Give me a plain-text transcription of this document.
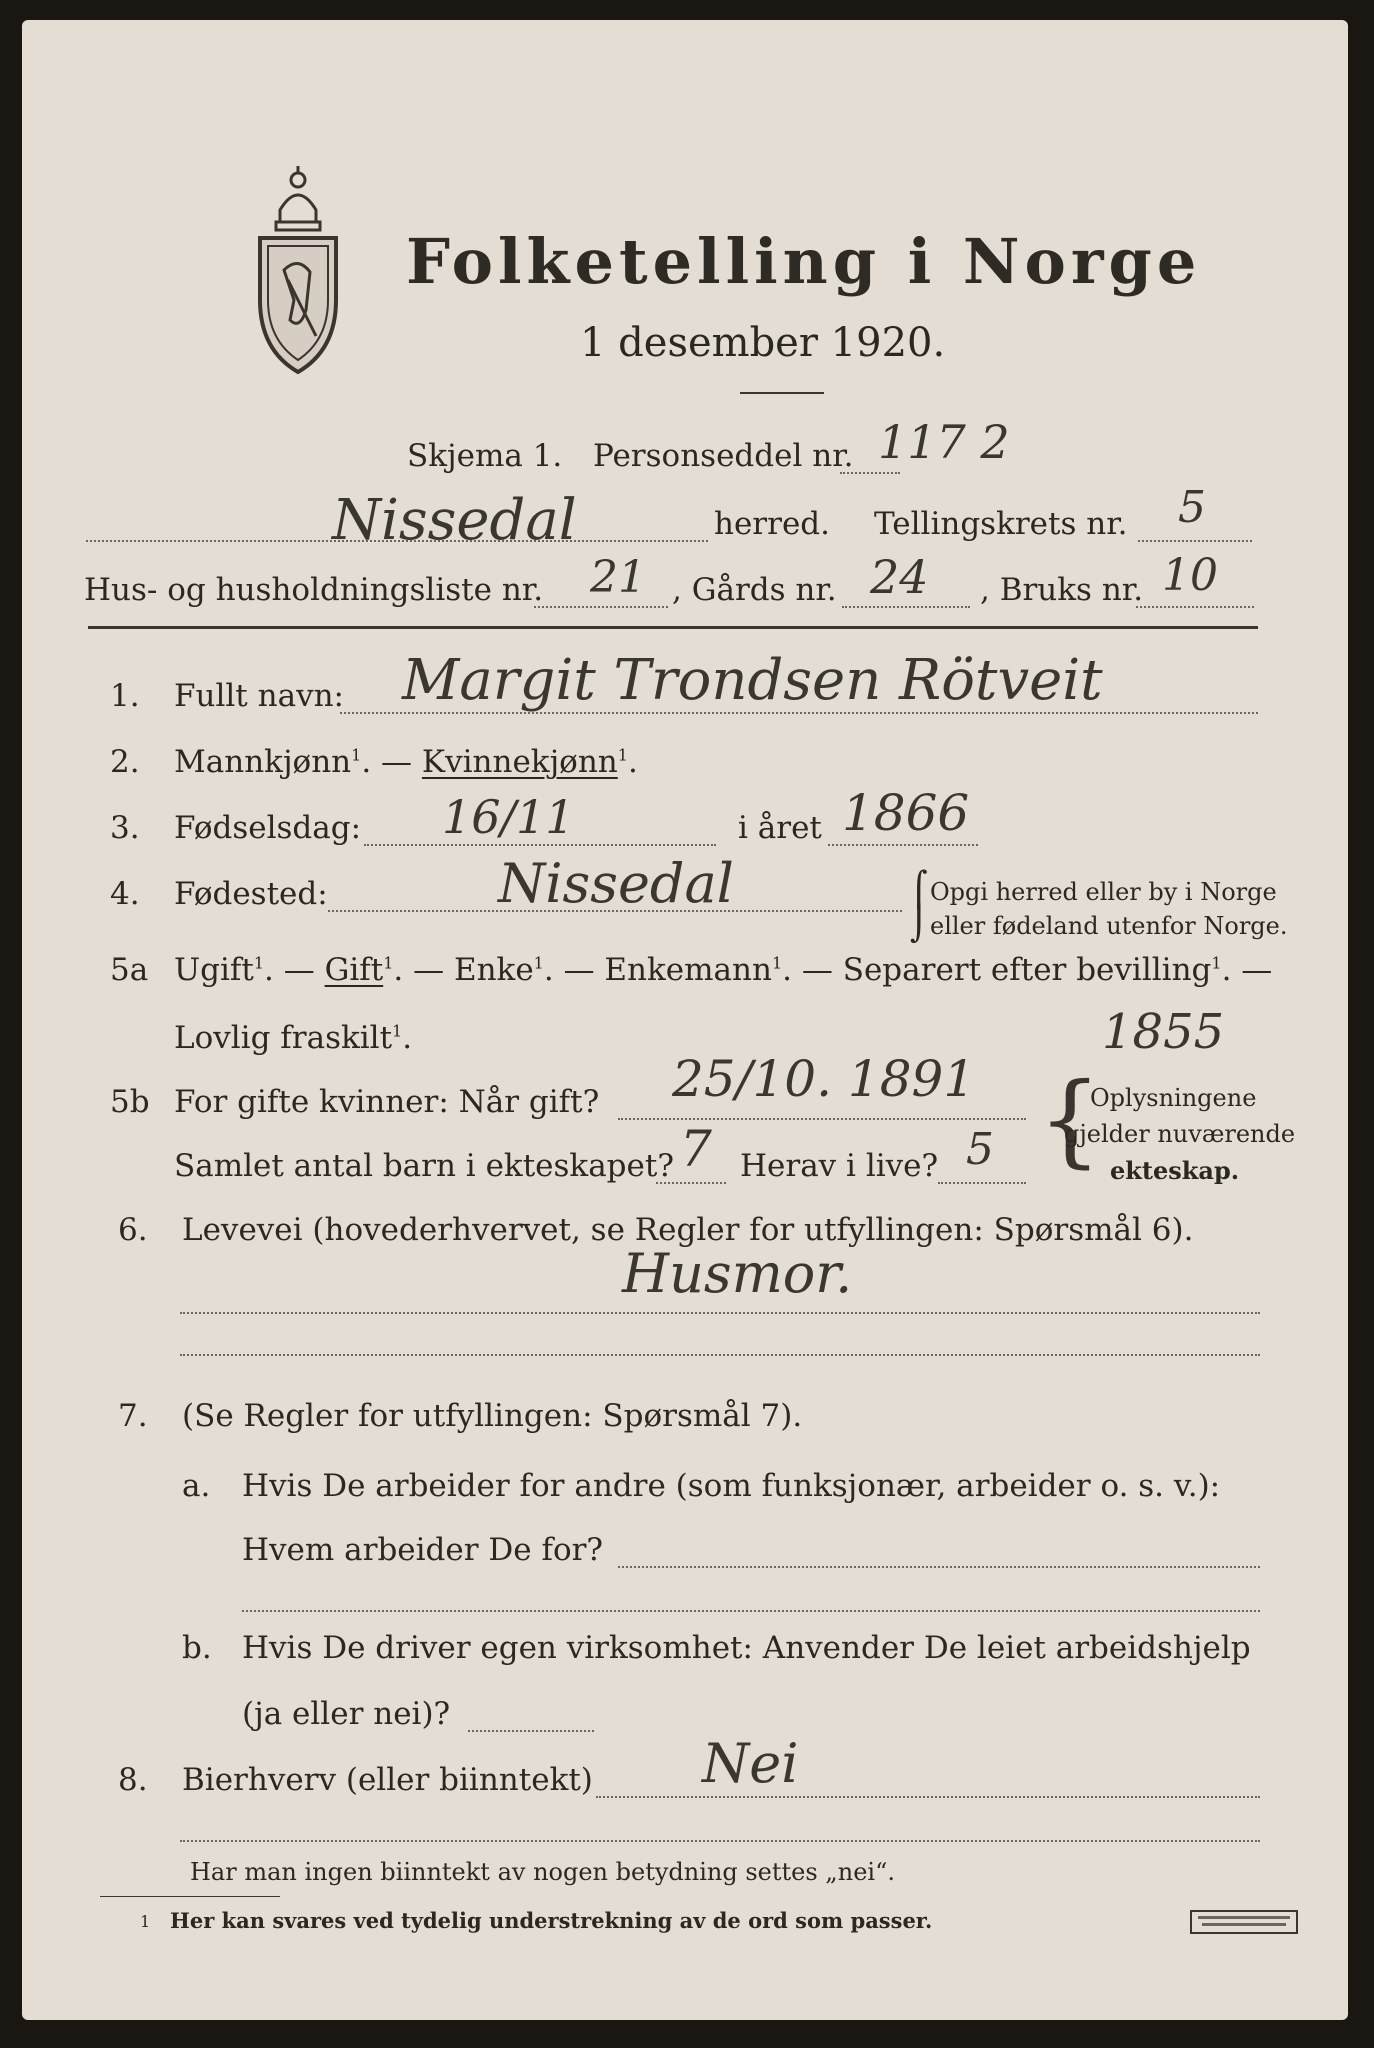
Folketelling i Norge
1 desember 1920.
Skjema 1. Personseddel nr. 117 2
Nissedal	herred. Tellingskrets nr. 5
Hus- og husholdningsliste nr. 21 , Gårds nr. 24 , Bruks nr. 10
1. Fullt navn: Margit Trondsen Rötveit
2. Mannkjønn$^1$. — Kvinnekjønn$^1$.
3. Fødselsdag: 16/11	i året 1866
4. Fødested:	Nissedal	⌠
⌡
Opgi herred eller by i Norge
eller fødeland utenfor Norge.
5a Ugift$^1$. — Gift$^1$. — Enke$^1$. — Enkemann$^1$. — Separert efter bevilling$^1$. —
Lovlig fraskilt$^1$.	1855
5b For gifte kvinner: Når gift? 25/10. 1891
Samlet antal barn i ekteskapet? 7 Herav i live? 5 {
Oplysningene
gjelder nuværende
ekteskap.
6. Levevei (hovederhvervet, se Regler for utfyllingen: Spørsmål 6).
Husmor.
7. (Se Regler for utfyllingen: Spørsmål 7).
a. Hvis De arbeider for andre (som funksjonær, arbeider o. s. v.):
Hvem arbeider De for?
b. Hvis De driver egen virksomhet: Anvender De leiet arbeidshjelp
(ja eller nei)?
8. Bierhverv (eller biinntekt) Nei
Har man ingen biinntekt av nogen betydning settes „nei“.
1 Her kan svares ved tydelig understrekning av de ord som passer.
